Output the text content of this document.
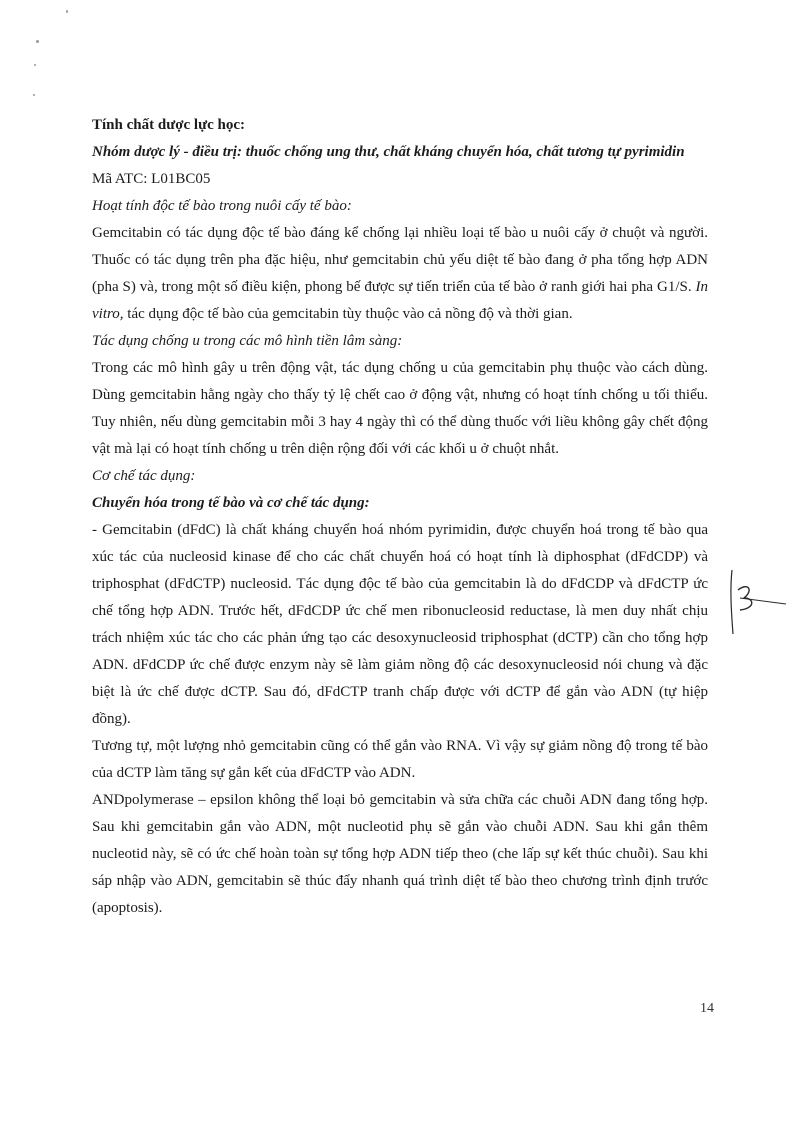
Tính chất dược lực học:

Nhóm dược lý - điều trị: thuốc chống ung thư, chất kháng chuyển hóa, chất tương tự pyrimidin

Mã ATC: L01BC05

Hoạt tính độc tế bào trong nuôi cấy tế bào:

Gemcitabin có tác dụng độc tế bào đáng kể chống lại nhiều loại tế bào u nuôi cấy ở chuột và người. Thuốc có tác dụng trên pha đặc hiệu, như gemcitabin chủ yếu diệt tế bào đang ở pha tổng hợp ADN (pha S) và, trong một số điều kiện, phong bế được sự tiến triển của tế bào ở ranh giới hai pha G1/S. In vitro, tác dụng độc tế bào của gemcitabin tùy thuộc vào cả nồng độ và thời gian.

Tác dụng chống u trong các mô hình tiền lâm sàng:

Trong các mô hình gây u trên động vật, tác dụng chống u của gemcitabin phụ thuộc vào cách dùng. Dùng gemcitabin hằng ngày cho thấy tỷ lệ chết cao ở động vật, nhưng có hoạt tính chống u tối thiểu. Tuy nhiên, nếu dùng gemcitabin mỗi 3 hay 4 ngày thì có thể dùng thuốc với liều không gây chết động vật mà lại có hoạt tính chống u trên diện rộng đối với các khối u ở chuột nhắt.

Cơ chế tác dụng:

Chuyển hóa trong tế bào và cơ chế tác dụng:

- Gemcitabin (dFdC) là chất kháng chuyển hoá nhóm pyrimidin, được chuyển hoá trong tế bào qua xúc tác của nucleosid kinase để cho các chất chuyển hoá có hoạt tính là diphosphat (dFdCDP) và triphosphat (dFdCTP) nucleosid. Tác dụng độc tế bào của gemcitabin là do dFdCDP và dFdCTP ức chế tổng hợp ADN. Trước hết, dFdCDP ức chế men ribonucleosid reductase, là men duy nhất chịu trách nhiệm xúc tác cho các phản ứng tạo các desoxynucleosid triphosphat (dCTP) cần cho tổng hợp ADN. dFdCDP ức chế được enzym này sẽ làm giảm nồng độ các desoxynucleosid nói chung và đặc biệt là ức chế được dCTP. Sau đó, dFdCTP tranh chấp được với dCTP để gắn vào ADN (tự hiệp đồng).

Tương tự, một lượng nhỏ gemcitabin cũng có thể gắn vào RNA. Vì vậy sự giảm nồng độ trong tế bào của dCTP làm tăng sự gắn kết của dFdCTP vào ADN.

ANDpolymerase – epsilon không thể loại bỏ gemcitabin và sửa chữa các chuỗi ADN đang tổng hợp. Sau khi gemcitabin gắn vào ADN, một nucleotid phụ sẽ gắn vào chuỗi ADN. Sau khi gắn thêm nucleotid này, sẽ có ức chế hoàn toàn sự tổng hợp ADN tiếp theo (che lấp sự kết thúc chuỗi). Sau khi sáp nhập vào ADN, gemcitabin sẽ thúc đẩy nhanh quá trình diệt tế bào theo chương trình định trước (apoptosis).

14
